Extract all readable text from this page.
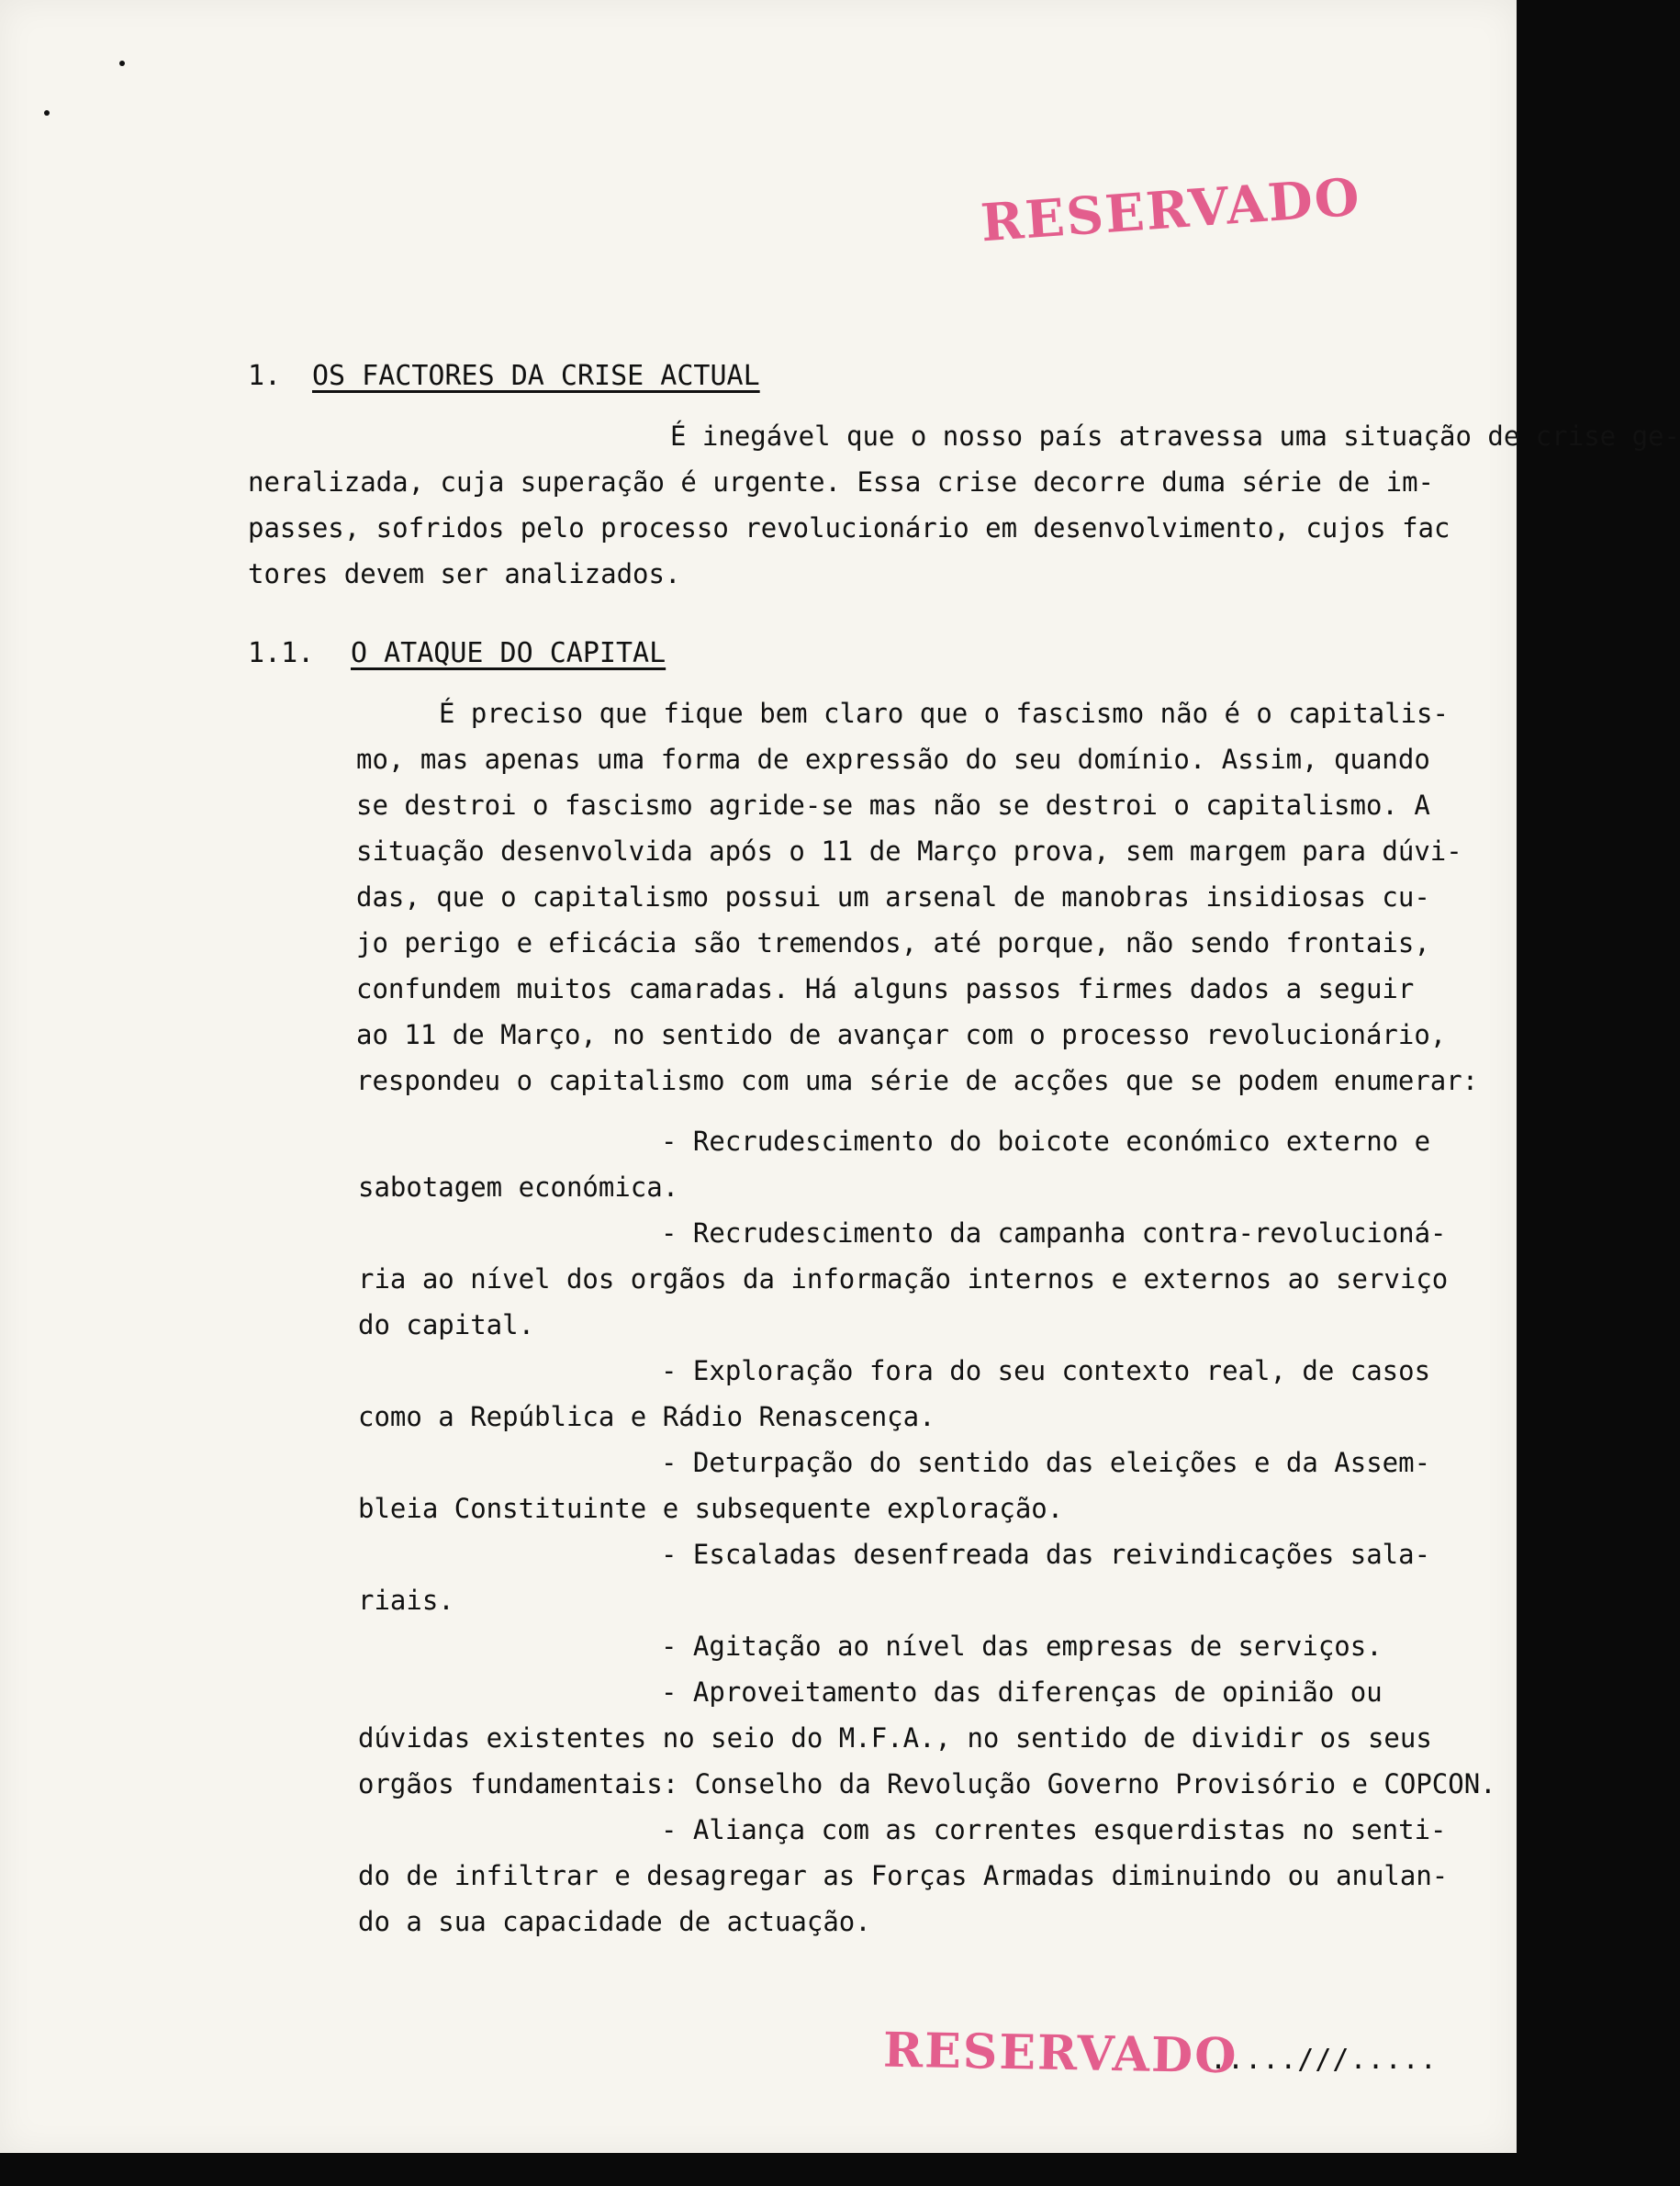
RESERVADO
1. OS FACTORES DA CRISE ACTUAL
É inegável que o nosso país atravessa uma situação de crise ge-
neralizada, cuja superação é urgente. Essa crise decorre duma série de im-
passes, sofridos pelo processo revolucionário em desenvolvimento, cujos fac
tores devem ser analizados.
1.1. O ATAQUE DO CAPITAL
É preciso que fique bem claro que o fascismo não é o capitalis-
mo, mas apenas uma forma de expressão do seu domínio. Assim, quando
se destroi o fascismo agride-se mas não se destroi o capitalismo. A
situação desenvolvida após o 11 de Março prova, sem margem para dúvi-
das, que o capitalismo possui um arsenal de manobras insidiosas cu-
jo perigo e eficácia são tremendos, até porque, não sendo frontais,
confundem muitos camaradas. Há alguns passos firmes dados a seguir
ao 11 de Março, no sentido de avançar com o processo revolucionário,
respondeu o capitalismo com uma série de acções que se podem enumerar:
- Recrudescimento do boicote económico externo e
sabotagem económica.
- Recrudescimento da campanha contra-revolucioná-
ria ao nível dos orgãos da informação internos e externos ao serviço
do capital.
- Exploração fora do seu contexto real, de casos
como a República e Rádio Renascença.
- Deturpação do sentido das eleições e da Assem-
bleia Constituinte e subsequente exploração.
- Escaladas desenfreada das reivindicações sala-
riais.
- Agitação ao nível das empresas de serviços.
- Aproveitamento das diferenças de opinião ou
dúvidas existentes no seio do M.F.A., no sentido de dividir os seus
orgãos fundamentais: Conselho da Revolução Governo Provisório e COPCON.
- Aliança com as correntes esquerdistas no senti-
do de infiltrar e desagregar as Forças Armadas diminuindo ou anulan-
do a sua capacidade de actuação.
RESERVADO
.....///.....
